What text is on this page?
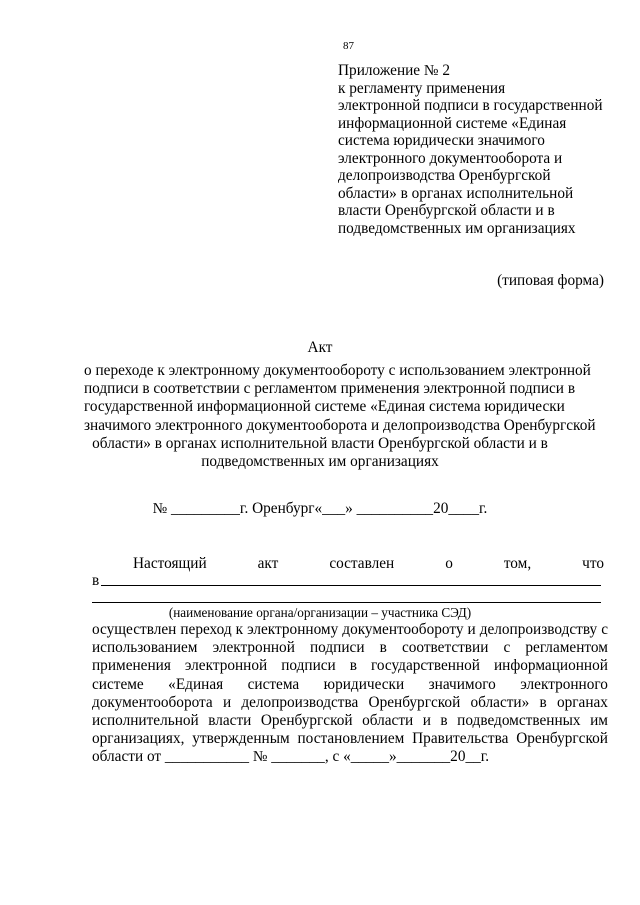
87
Приложение № 2
к регламенту применения
электронной подписи в государственной
информационной системе «Единая
система юридически значимого
электронного документооборота и
делопроизводства Оренбургской
области» в органах исполнительной
власти Оренбургской области и в
подведомственных им организациях
(типовая форма)
Акт
о переходе к электронному документообороту с использованием электронной
подписи в соответствии с регламентом применения электронной подписи в
государственной информационной системе «Единая система юридически
значимого электронного документооборота и делопроизводства Оренбургской
области» в органах исполнительной власти Оренбургской области и в
подведомственных им организациях
№ _________г. Оренбург«___» __________20____г.
Настоящий	акт	составлен	о	том,	что
в
(наименование органа/организации – участника СЭД)
осуществлен переход к электронному документообороту и делопроизводству с
использованием электронной подписи в соответствии с регламентом
применения электронной подписи в государственной информационной
системе «Единая система юридически значимого электронного
документооборота и делопроизводства Оренбургской области» в органах
исполнительной власти Оренбургской области и в подведомственных им
организациях, утвержденным постановлением Правительства Оренбургской
области от ___________ № _______, с «_____»_______20__г.
